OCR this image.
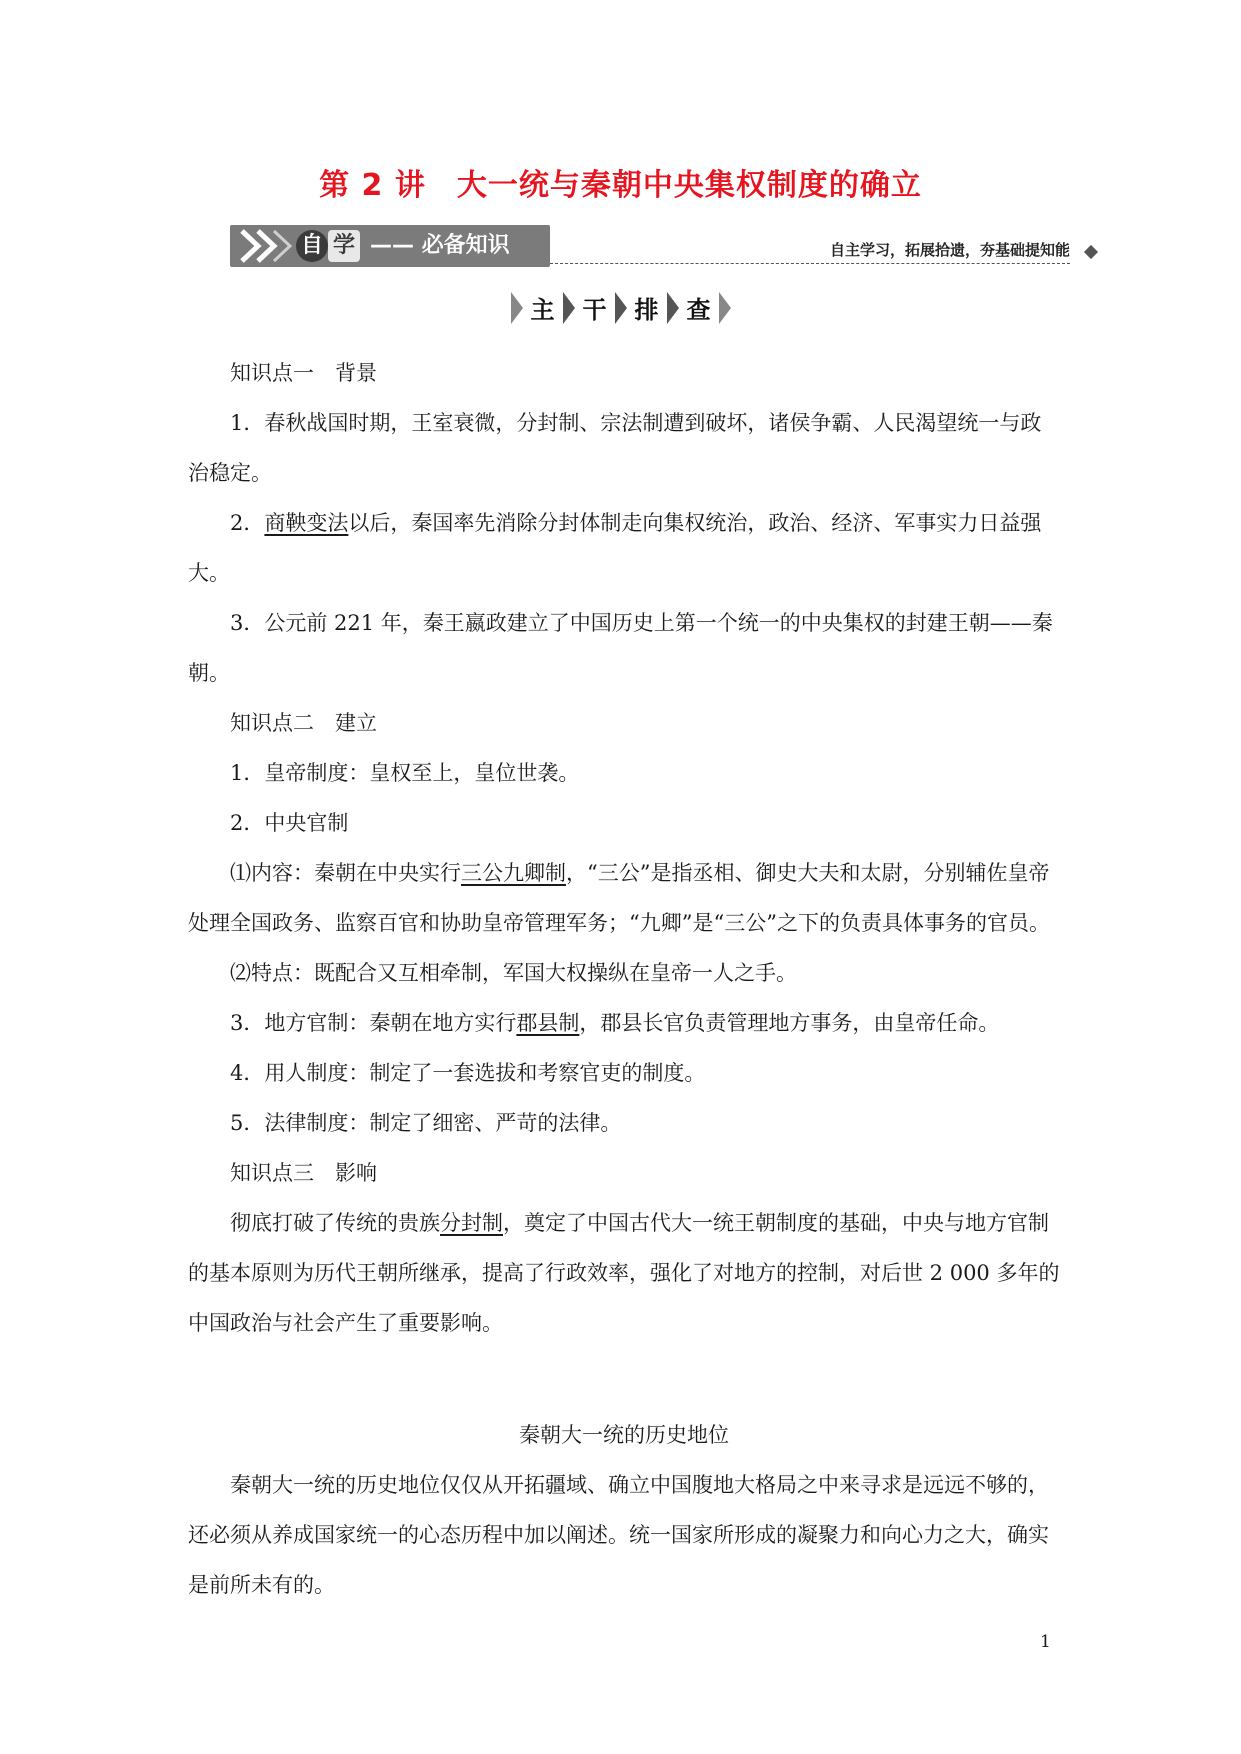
第 2 讲　大一统与秦朝中央集权制度的确立
自 学 —— 必备知识	自主学习，拓展拾遗，夯基础提知能
主 干 排 查

知识点一　背景

1．春秋战国时期，王室衰微，分封制、宗法制遭到破坏，诸侯争霸、人民渴望统一与政治稳定。

2．商鞅变法以后，秦国率先消除分封体制走向集权统治，政治、经济、军事实力日益强大。

3．公元前 221 年，秦王嬴政建立了中国历史上第一个统一的中央集权的封建王朝——秦朝。

知识点二　建立

1．皇帝制度：皇权至上，皇位世袭。

2．中央官制

⑴内容：秦朝在中央实行三公九卿制，“三公”是指丞相、御史大夫和太尉，分别辅佐皇帝处理全国政务、监察百官和协助皇帝管理军务；“九卿”是“三公”之下的负责具体事务的官员。

⑵特点：既配合又互相牵制，军国大权操纵在皇帝一人之手。

3．地方官制：秦朝在地方实行郡县制，郡县长官负责管理地方事务，由皇帝任命。

4．用人制度：制定了一套选拔和考察官吏的制度。

5．法律制度：制定了细密、严苛的法律。

知识点三　影响

彻底打破了传统的贵族分封制，奠定了中国古代大一统王朝制度的基础，中央与地方官制的基本原则为历代王朝所继承，提高了行政效率，强化了对地方的控制，对后世 2 000 多年的中国政治与社会产生了重要影响。

秦朝大一统的历史地位

秦朝大一统的历史地位仅仅从开拓疆域、确立中国腹地大格局之中来寻求是远远不够的，还必须从养成国家统一的心态历程中加以阐述。统一国家所形成的凝聚力和向心力之大，确实是前所未有的。

1
